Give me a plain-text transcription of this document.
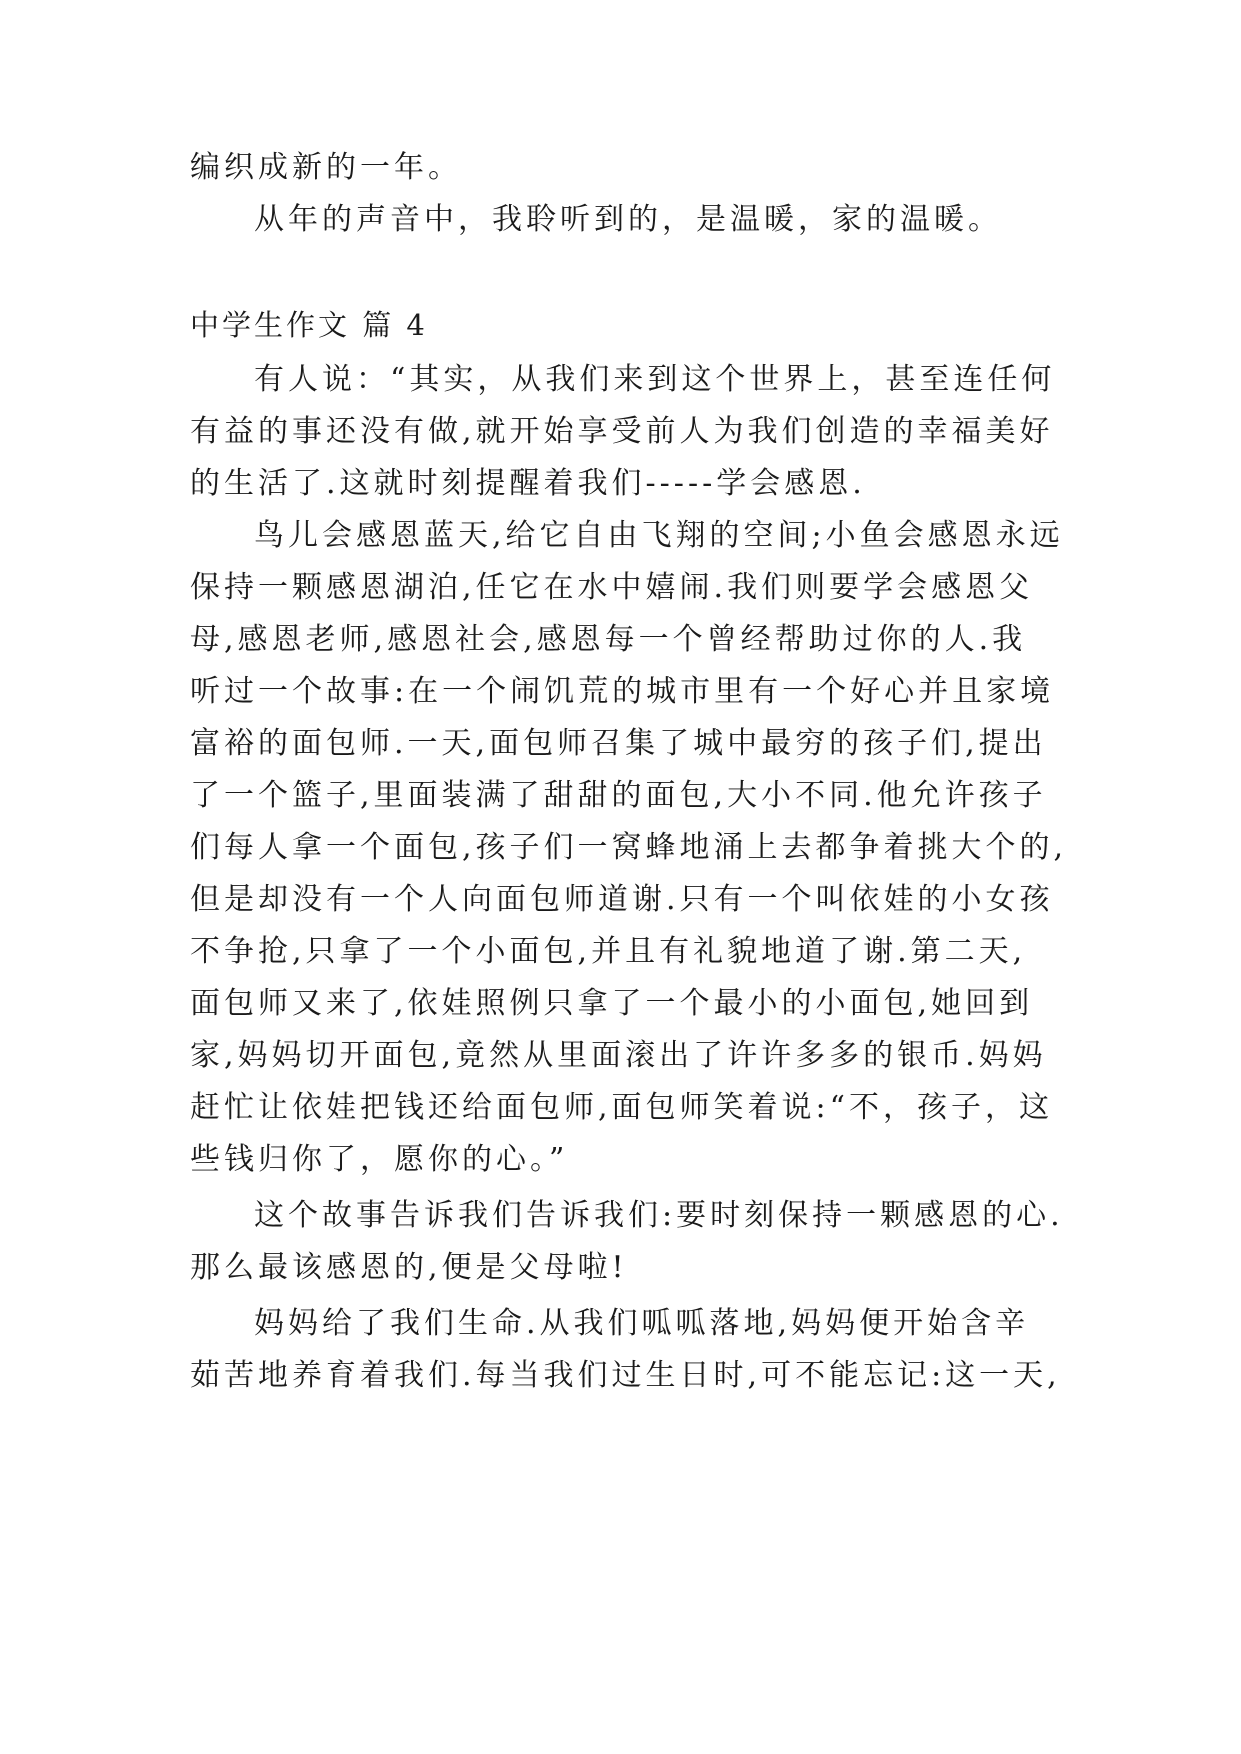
编织成新的一年。
从年的声音中，我聆听到的，是温暖，家的温暖。
中学生作文 篇 4
有人说：“其实，从我们来到这个世界上，甚至连任何
有益的事还没有做,就开始享受前人为我们创造的幸福美好
的生活了.这就时刻提醒着我们-----学会感恩.
鸟儿会感恩蓝天,给它自由飞翔的空间;小鱼会感恩永远
保持一颗感恩湖泊,任它在水中嬉闹.我们则要学会感恩父
母,感恩老师,感恩社会,感恩每一个曾经帮助过你的人.我
听过一个故事:在一个闹饥荒的城市里有一个好心并且家境
富裕的面包师.一天,面包师召集了城中最穷的孩子们,提出
了一个篮子,里面装满了甜甜的面包,大小不同.他允许孩子
们每人拿一个面包,孩子们一窝蜂地涌上去都争着挑大个的,
但是却没有一个人向面包师道谢.只有一个叫依娃的小女孩
不争抢,只拿了一个小面包,并且有礼貌地道了谢.第二天,
面包师又来了,依娃照例只拿了一个最小的小面包,她回到
家,妈妈切开面包,竟然从里面滚出了许许多多的银币.妈妈
赶忙让依娃把钱还给面包师,面包师笑着说:“不，孩子，这
些钱归你了，愿你的心。”
这个故事告诉我们告诉我们:要时刻保持一颗感恩的心.
那么最该感恩的,便是父母啦!
妈妈给了我们生命.从我们呱呱落地,妈妈便开始含辛
茹苦地养育着我们.每当我们过生日时,可不能忘记:这一天,
